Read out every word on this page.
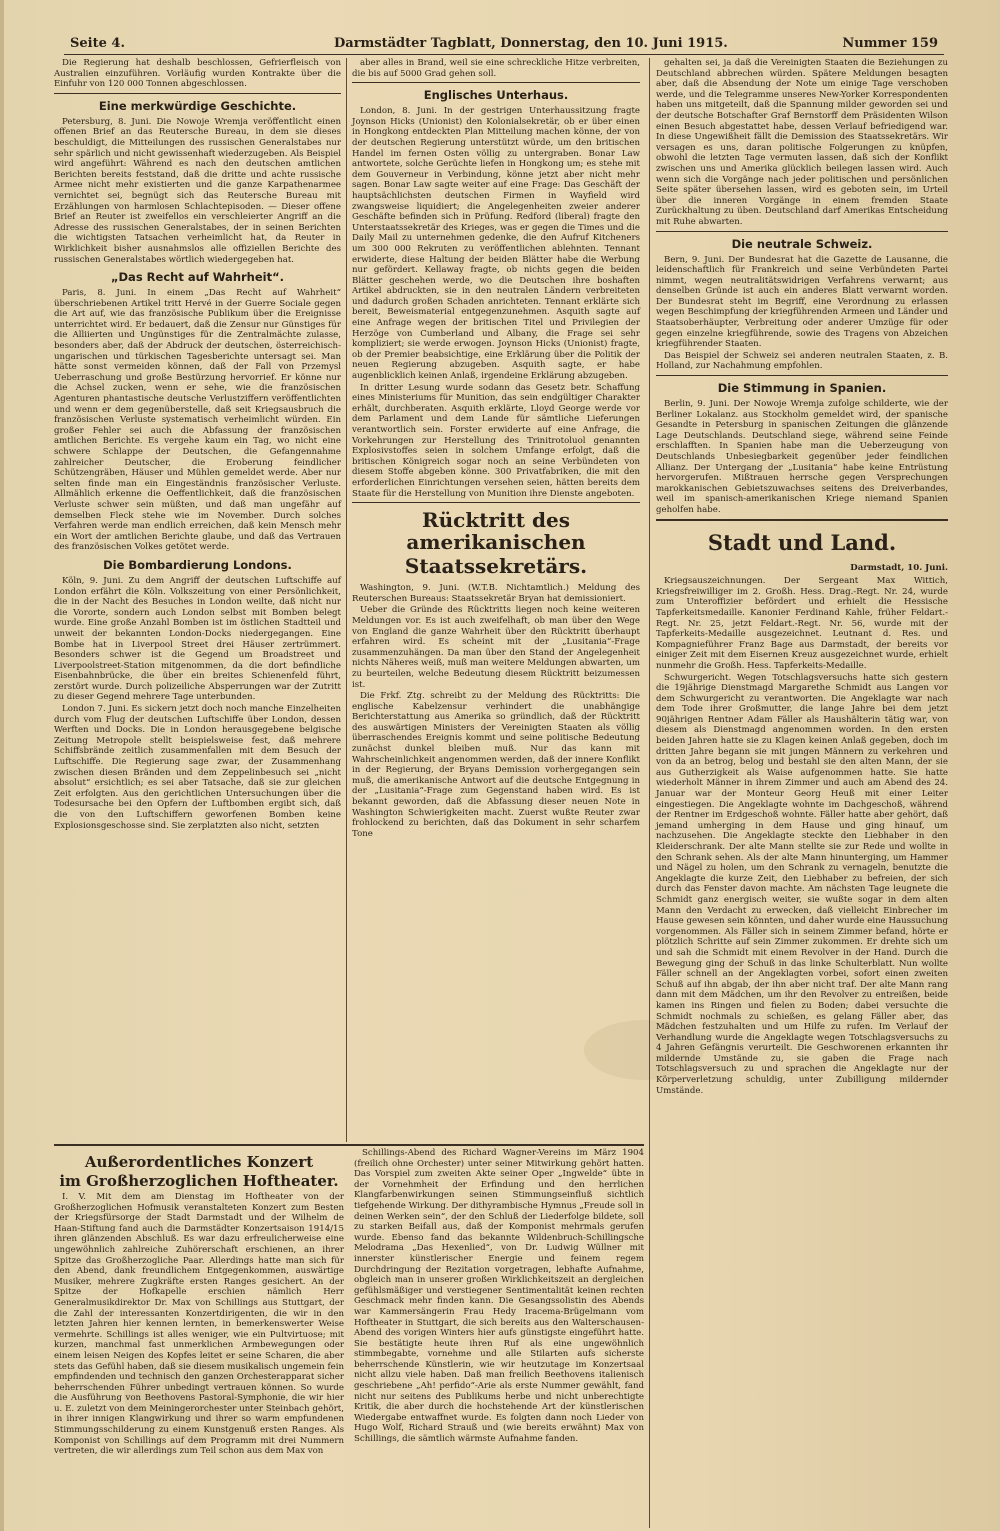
Seite 4.	Darmstädter Tagblatt, Donnerstag, den 10. Juni 1915.	Nummer 159

Die Regierung hat deshalb beschlossen, Gefrierfleisch von Australien einzuführen. Vorläufig wurden Kontrakte über die Einfuhr von 120 000 Tonnen abgeschlossen.

Eine merkwürdige Geschichte.

Petersburg, 8. Juni. Die Nowoje Wremja veröffentlicht einen offenen Brief an das Reutersche Bureau, in dem sie dieses beschuldigt, die Mitteilungen des russischen Generalstabes nur sehr spärlich und nicht gewissenhaft wiederzugeben. Als Beispiel wird angeführt: Während es nach den deutschen amtlichen Berichten bereits feststand, daß die dritte und achte russische Armee nicht mehr existierten und die ganze Karpathenarmee vernichtet sei, begnügt sich das Reutersche Bureau mit Erzählungen von harmlosen Schlachtepisoden. — Dieser offene Brief an Reuter ist zweifellos ein verschleierter Angriff an die Adresse des russischen Generalstabes, der in seinen Berichten die wichtigsten Tatsachen verheimlicht hat, da Reuter in Wirklichkeit bisher ausnahmslos alle offiziellen Berichte des russischen Generalstabes wörtlich wiedergegeben hat.

„Das Recht auf Wahrheit“.

Paris, 8. Juni. In einem „Das Recht auf Wahrheit“ überschriebenen Artikel tritt Hervé in der Guerre Sociale gegen die Art auf, wie das französische Publikum über die Ereignisse unterrichtet wird. Er bedauert, daß die Zensur nur Günstiges für die Alliierten und Ungünstiges für die Zentralmächte zulasse, besonders aber, daß der Abdruck der deutschen, österreichisch-ungarischen und türkischen Tagesberichte untersagt sei. Man hätte sonst vermeiden können, daß der Fall von Przemysl Ueberraschung und große Bestürzung hervorrief. Er könne nur die Achsel zucken, wenn er sehe, wie die französischen Agenturen phantastische deutsche Verlustziffern veröffentlichten und wenn er dem gegenüberstelle, daß seit Kriegsausbruch die französischen Verluste systematisch verheimlicht würden. Ein großer Fehler sei auch die Abfassung der französischen amtlichen Berichte. Es vergehe kaum ein Tag, wo nicht eine schwere Schlappe der Deutschen, die Gefangennahme zahlreicher Deutscher, die Eroberung feindlicher Schützengräben, Häuser und Mühlen gemeldet werde. Aber nur selten finde man ein Eingeständnis französischer Verluste. Allmählich erkenne die Oeffentlichkeit, daß die französischen Verluste schwer sein müßten, und daß man ungefähr auf demselben Fleck stehe wie im November. Durch solches Verfahren werde man endlich erreichen, daß kein Mensch mehr ein Wort der amtlichen Berichte glaube, und daß das Vertrauen des französischen Volkes getötet werde.

Die Bombardierung Londons.

Köln, 9. Juni. Zu dem Angriff der deutschen Luftschiffe auf London erfährt die Köln. Volkszeitung von einer Persönlichkeit, die in der Nacht des Besuches in London weilte, daß nicht nur die Vororte, sondern auch London selbst mit Bomben belegt wurde. Eine große Anzahl Bomben ist im östlichen Stadtteil und unweit der bekannten London-Docks niedergegangen. Eine Bombe hat in Liverpool Street drei Häuser zertrümmert. Besonders schwer ist die Gegend um Broadstreet und Liverpoolstreet-Station mitgenommen, da die dort befindliche Eisenbahnbrücke, die über ein breites Schienenfeld führt, zerstört wurde. Durch polizeiliche Absperrungen war der Zutritt zu dieser Gegend mehrere Tage unterbunden.

London 7. Juni. Es sickern jetzt doch noch manche Einzelheiten durch vom Flug der deutschen Luftschiffe über London, dessen Werften und Docks. Die in London herausgegebene belgische Zeitung Metropole stellt beispielsweise fest, daß mehrere Schiffsbrände zeitlich zusammenfallen mit dem Besuch der Luftschiffe. Die Regierung sage zwar, der Zusammenhang zwischen diesen Bränden und dem Zeppelinbesuch sei „nicht absolut“ ersichtlich; es sei aber Tatsache, daß sie zur gleichen Zeit erfolgten. Aus den gerichtlichen Untersuchungen über die Todesursache bei den Opfern der Luftbomben ergibt sich, daß die von den Luftschiffern geworfenen Bomben keine Explosionsgeschosse sind. Sie zerplatzten also nicht, setzten

aber alles in Brand, weil sie eine schreckliche Hitze verbreiten, die bis auf 5000 Grad gehen soll.

Englisches Unterhaus.

London, 8. Juni. In der gestrigen Unterhaussitzung fragte Joynson Hicks (Unionist) den Kolonialsekretär, ob er über einen in Hongkong entdeckten Plan Mitteilung machen könne, der von der deutschen Regierung unterstützt würde, um den britischen Handel im fernen Osten völlig zu untergraben. Bonar Law antwortete, solche Gerüchte liefen in Hongkong um; es stehe mit dem Gouverneur in Verbindung, könne jetzt aber nicht mehr sagen. Bonar Law sagte weiter auf eine Frage: Das Geschäft der hauptsächlichsten deutschen Firmen in Wayfield wird zwangsweise liquidiert; die Angelegenheiten zweier anderer Geschäfte befinden sich in Prüfung. Redford (liberal) fragte den Unterstaatssekretär des Krieges, was er gegen die Times und die Daily Mail zu unternehmen gedenke, die den Aufruf Kitcheners um 300 000 Rekruten zu veröffentlichen ablehnten. Tennant erwiderte, diese Haltung der beiden Blätter habe die Werbung nur gefördert. Kellaway fragte, ob nichts gegen die beiden Blätter geschehen werde, wo die Deutschen ihre boshaften Artikel abdruckten, sie in den neutralen Ländern verbreiteten und dadurch großen Schaden anrichteten. Tennant erklärte sich bereit, Beweismaterial entgegenzunehmen. Asquith sagte auf eine Anfrage wegen der britischen Titel und Privilegien der Herzöge von Cumberland und Albany, die Frage sei sehr kompliziert; sie werde erwogen. Joynson Hicks (Unionist) fragte, ob der Premier beabsichtige, eine Erklärung über die Politik der neuen Regierung abzugeben. Asquith sagte, er habe augenblicklich keinen Anlaß, irgendeine Erklärung abzugeben.

In dritter Lesung wurde sodann das Gesetz betr. Schaffung eines Ministeriums für Munition, das sein endgültiger Charakter erhält, durchberaten. Asquith erklärte, Lloyd George werde vor dem Parlament und dem Lande für sämtliche Lieferungen verantwortlich sein. Forster erwiderte auf eine Anfrage, die Vorkehrungen zur Herstellung des Trinitrotoluol genannten Explosivstoffes seien in solchem Umfange erfolgt, daß die britischen Königreich sogar noch an seine Verbündeten von diesem Stoffe abgeben könne. 300 Privatfabriken, die mit den erforderlichen Einrichtungen versehen seien, hätten bereits dem Staate für die Herstellung von Munition ihre Dienste angeboten.

Rücktritt des amerikanischen
Staatssekretärs.

Washington, 9. Juni. (W.T.B. Nichtamtlich.) Meldung des Reuterschen Bureaus: Staatssekretär Bryan hat demissioniert.

Ueber die Gründe des Rücktritts liegen noch keine weiteren Meldungen vor. Es ist auch zweifelhaft, ob man über den Wege von England die ganze Wahrheit über den Rücktritt überhaupt erfahren wird. Es scheint mit der „Lusitania“-Frage zusammenzuhängen. Da man über den Stand der Angelegenheit nichts Näheres weiß, muß man weitere Meldungen abwarten, um zu beurteilen, welche Bedeutung diesem Rücktritt beizumessen ist.

Die Frkf. Ztg. schreibt zu der Meldung des Rücktritts: Die englische Kabelzensur verhindert die unabhängige Berichterstattung aus Amerika so gründlich, daß der Rücktritt des auswärtigen Ministers der Vereinigten Staaten als völlig überraschendes Ereignis kommt und seine politische Bedeutung zunächst dunkel bleiben muß. Nur das kann mit Wahrscheinlichkeit angenommen werden, daß der innere Konflikt in der Regierung, der Bryans Demission vorhergegangen sein muß, die amerikanische Antwort auf die deutsche Entgegnung in der „Lusitania“-Frage zum Gegenstand haben wird. Es ist bekannt geworden, daß die Abfassung dieser neuen Note in Washington Schwierigkeiten macht. Zuerst wußte Reuter zwar frohlockend zu berichten, daß das Dokument in sehr scharfem Tone

gehalten sei, ja daß die Vereinigten Staaten die Beziehungen zu Deutschland abbrechen würden. Spätere Meldungen besagten aber, daß die Absendung der Note um einige Tage verschoben werde, und die Telegramme unseres New-Yorker Korrespondenten haben uns mitgeteilt, daß die Spannung milder geworden sei und der deutsche Botschafter Graf Bernstorff dem Präsidenten Wilson einen Besuch abgestattet habe, dessen Verlauf befriedigend war. In diese Ungewißheit fällt die Demission des Staatssekretärs. Wir versagen es uns, daran politische Folgerungen zu knüpfen, obwohl die letzten Tage vermuten lassen, daß sich der Konflikt zwischen uns und Amerika glücklich beilegen lassen wird. Auch wenn sich die Vorgänge nach jeder politischen und persönlichen Seite später übersehen lassen, wird es geboten sein, im Urteil über die inneren Vorgänge in einem fremden Staate Zurückhaltung zu üben. Deutschland darf Amerikas Entscheidung mit Ruhe abwarten.

Die neutrale Schweiz.

Bern, 9. Juni. Der Bundesrat hat die Gazette de Lausanne, die leidenschaftlich für Frankreich und seine Verbündeten Partei nimmt, wegen neutralitätswidrigen Verfahrens verwarnt; aus denselben Gründe ist auch ein anderes Blatt verwarnt worden. Der Bundesrat steht im Begriff, eine Verordnung zu erlassen wegen Beschimpfung der kriegführenden Armeen und Länder und Staatsoberhäupter, Verbreitung oder anderer Umzüge für oder gegen einzelne kriegführende, sowie des Tragens von Abzeichen kriegführender Staaten.

Das Beispiel der Schweiz sei anderen neutralen Staaten, z. B. Holland, zur Nachahmung empfohlen.

Die Stimmung in Spanien.

Berlin, 9. Juni. Der Nowoje Wremja zufolge schilderte, wie der Berliner Lokalanz. aus Stockholm gemeldet wird, der spanische Gesandte in Petersburg in spanischen Zeitungen die glänzende Lage Deutschlands. Deutschland siege, während seine Feinde erschlafften. In Spanien habe man die Ueberzeugung von Deutschlands Unbesiegbarkeit gegenüber jeder feindlichen Allianz. Der Untergang der „Lusitania“ habe keine Entrüstung hervorgerufen. Mißtrauen herrsche gegen Versprechungen marokkanischen Gebietszuwachses seitens des Dreiverbandes, weil im spanisch-amerikanischen Kriege niemand Spanien geholfen habe.

Stadt und Land.
Darmstadt, 10. Juni.

Kriegsauszeichnungen. Der Sergeant Max Wittich, Kriegsfreiwilliger im 2. Großh. Hess. Drag.-Regt. Nr. 24, wurde zum Unteroffizier befördert und erhielt die Hessische Tapferkeitsmedaille. Kanonier Ferdinand Kahle, früher Feldart.-Regt. Nr. 25, jetzt Feldart.-Regt. Nr. 56, wurde mit der Tapferkeits-Medaille ausgezeichnet. Leutnant d. Res. und Kompagnieführer Franz Bage aus Darmstadt, der bereits vor einiger Zeit mit dem Eisernen Kreuz ausgezeichnet wurde, erhielt nunmehr die Großh. Hess. Tapferkeits-Medaille.

Schwurgericht. Wegen Totschlagsversuchs hatte sich gestern die 19jährige Dienstmagd Margarethe Schmidt aus Langen vor dem Schwurgericht zu verantworten. Die Angeklagte war nach dem Tode ihrer Großmutter, die lange Jahre bei dem jetzt 90jährigen Rentner Adam Fäller als Haushälterin tätig war, von diesem als Dienstmagd angenommen worden. In den ersten beiden Jahren hatte sie zu Klagen keinen Anlaß gegeben, doch im dritten Jahre begann sie mit jungen Männern zu verkehren und von da an betrog, belog und bestahl sie den alten Mann, der sie aus Gutherzigkeit als Waise aufgenommen hatte. Sie hatte wiederholt Männer in ihrem Zimmer und auch am Abend des 24. Januar war der Monteur Georg Heuß mit einer Leiter eingestiegen. Die Angeklagte wohnte im Dachgeschoß, während der Rentner im Erdgeschoß wohnte. Fäller hatte aber gehört, daß jemand umherging in dem Hause und ging hinauf, um nachzusehen. Die Angeklagte steckte den Liebhaber in den Kleiderschrank. Der alte Mann stellte sie zur Rede und wollte in den Schrank sehen. Als der alte Mann hinunterging, um Hammer und Nägel zu holen, um den Schrank zu vernageln, benutzte die Angeklagte die kurze Zeit, den Liebhaber zu befreien, der sich durch das Fenster davon machte. Am nächsten Tage leugnete die Schmidt ganz energisch weiter, sie wußte sogar in dem alten Mann den Verdacht zu erwecken, daß vielleicht Einbrecher im Hause gewesen sein könnten, und daher wurde eine Haussuchung vorgenommen. Als Fäller sich in seinem Zimmer befand, hörte er plötzlich Schritte auf sein Zimmer zukommen. Er drehte sich um und sah die Schmidt mit einem Revolver in der Hand. Durch die Bewegung ging der Schuß in das linke Schulterblatt. Nun wollte Fäller schnell an der Angeklagten vorbei, sofort einen zweiten Schuß auf ihn abgab, der ihn aber nicht traf. Der alte Mann rang dann mit dem Mädchen, um ihr den Revolver zu entreißen, beide kamen ins Ringen und fielen zu Boden; dabei versuchte die Schmidt nochmals zu schießen, es gelang Fäller aber, das Mädchen festzuhalten und um Hilfe zu rufen. Im Verlauf der Verhandlung wurde die Angeklagte wegen Totschlagsversuchs zu 4 Jahren Gefängnis verurteilt. Die Geschworenen erkannten ihr mildernde Umstände zu, sie gaben die Frage nach Totschlagsversuch zu und sprachen die Angeklagte nur der Körperverletzung schuldig, unter Zubilligung mildernder Umstände.

Außerordentliches Konzert
im Großherzoglichen Hoftheater.

I. V. Mit dem am Dienstag im Hoftheater von der Großherzoglichen Hofmusik veranstalteten Konzert zum Besten der Kriegsfürsorge der Stadt Darmstadt und der Wilhelm de Haan-Stiftung fand auch die Darmstädter Konzertsaison 1914/15 ihren glänzenden Abschluß. Es war dazu erfreulicherweise eine ungewöhnlich zahlreiche Zuhörerschaft erschienen, an ihrer Spitze das Großherzogliche Paar. Allerdings hatte man sich für den Abend, dank freundlichem Entgegenkommen, auswärtige Musiker, mehrere Zugkräfte ersten Ranges gesichert. An der Spitze der Hofkapelle erschien nämlich Herr Generalmusikdirektor Dr. Max von Schillings aus Stuttgart, der die Zahl der interessanten Konzertdirigenten, die wir in den letzten Jahren hier kennen lernten, in bemerkenswerter Weise vermehrte. Schillings ist alles weniger, wie ein Pultvirtuose; mit kurzen, manchmal fast unmerklichen Armbewegungen oder einem leisen Neigen des Kopfes leitet er seine Scharen, die aber stets das Gefühl haben, daß sie diesem musikalisch ungemein fein empfindenden und technisch den ganzen Orchesterapparat sicher beherrschenden Führer unbedingt vertrauen können. So wurde die Ausführung von Beethovens Pastoral-Symphonie, die wir hier u. E. zuletzt von dem Meiningerorchester unter Steinbach gehört, in ihrer innigen Klangwirkung und ihrer so warm empfundenen Stimmungsschilderung zu einem Kunstgenuß ersten Ranges. Als Komponist von Schillings auf dem Programm mit drei Nummern vertreten, die wir allerdings zum Teil schon aus dem Max von

Schillings-Abend des Richard Wagner-Vereins im März 1904 (freilich ohne Orchester) unter seiner Mitwirkung gehört hatten. Das Vorspiel zum zweiten Akte seiner Oper „Ingwelde“ übte in der Vornehmheit der Erfindung und den herrlichen Klangfarbenwirkungen seinen Stimmungseinfluß sichtlich tiefgehende Wirkung. Der dithyrambische Hymnus „Freude soll in deinen Werken sein“, der den Schluß der Liederfolge bildete, soll zu starken Beifall aus, daß der Komponist mehrmals gerufen wurde. Ebenso fand das bekannte Wildenbruch-Schillingsche Melodrama „Das Hexenlied“, von Dr. Ludwig Wüllner mit innerster künstlerischer Energie und feinem regem Durchdringung der Rezitation vorgetragen, lebhafte Aufnahme, obgleich man in unserer großen Wirklichkeitszeit an dergleichen gefühlsmäßiger und verstiegener Sentimentalität keinen rechten Geschmack mehr finden kann. Die Gesangssolistin des Abends war Kammersängerin Frau Hedy Iracema-Brügelmann vom Hoftheater in Stuttgart, die sich bereits aus den Walterschausen-Abend des vorigen Winters hier aufs günstigste eingeführt hatte. Sie bestätigte heute ihren Ruf als eine ungewöhnlich stimmbegabte, vornehme und alle Stilarten aufs sicherste beherrschende Künstlerin, wie wir heutzutage im Konzertsaal nicht allzu viele haben. Daß man freilich Beethovens italienisch geschriebene „Ah! perfido“-Arie als erste Nummer gewählt, fand nicht nur seitens des Publikums herbe und nicht unberechtigte Kritik, die aber durch die hochstehende Art der künstlerischen Wiedergabe entwaffnet wurde. Es folgten dann noch Lieder von Hugo Wolf, Richard Strauß und (wie bereits erwähnt) Max von Schillings, die sämtlich wärmste Aufnahme fanden.
